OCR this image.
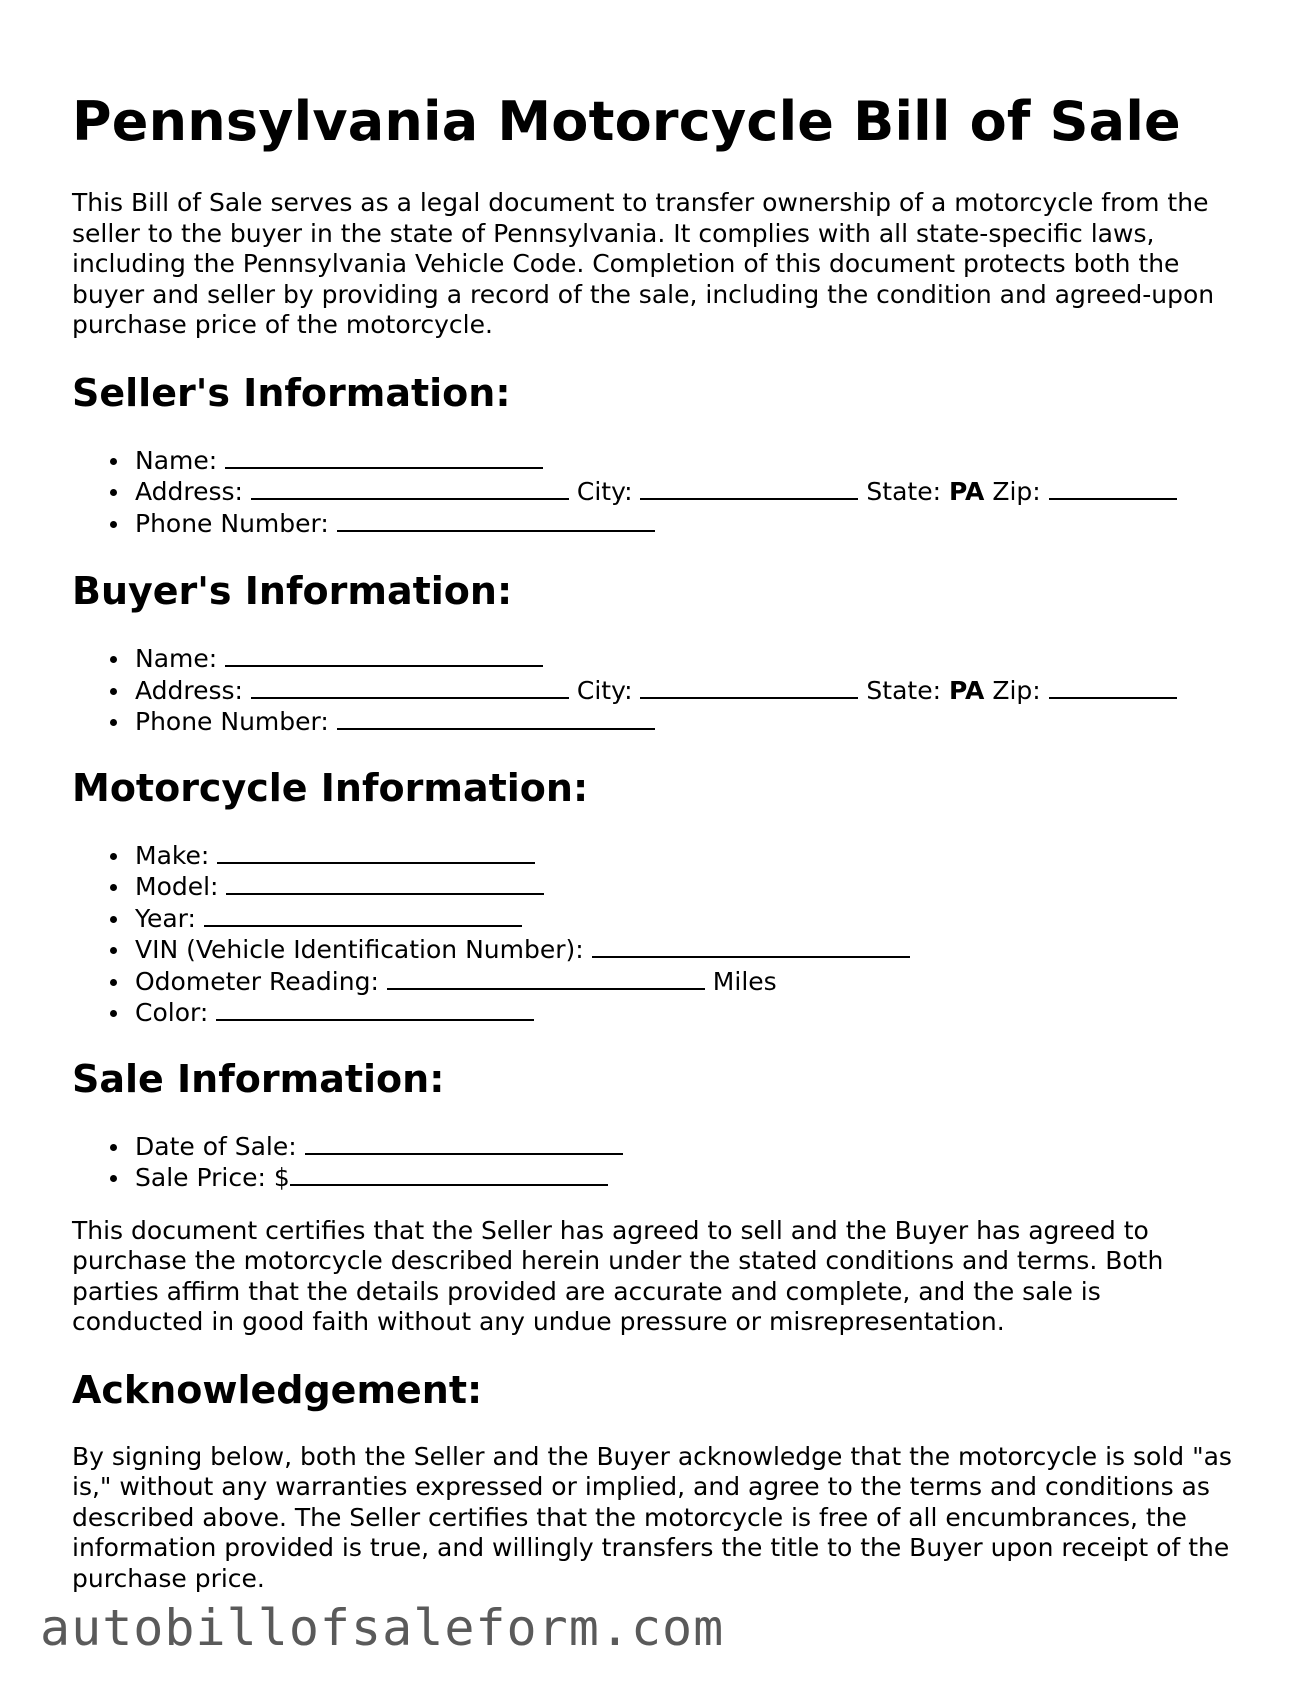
Pennsylvania Motorcycle Bill of Sale

This Bill of Sale serves as a legal document to transfer ownership of a motorcycle from the seller to the buyer in the state of Pennsylvania. It complies with all state-specific laws, including the Pennsylvania Vehicle Code. Completion of this document protects both the buyer and seller by providing a record of the sale, including the condition and agreed-upon purchase price of the motorcycle.

Seller's Information:
Name:
Address:	City:	State: PA Zip:
Phone Number:
Buyer's Information:
Name:
Address:	City:	State: PA Zip:
Phone Number:
Motorcycle Information:
Make:
Model:
Year:
VIN (Vehicle Identification Number):
Odometer Reading:	Miles
Color:
Sale Information:
Date of Sale:
Sale Price: $

This document certifies that the Seller has agreed to sell and the Buyer has agreed to purchase the motorcycle described herein under the stated conditions and terms. Both parties affirm that the details provided are accurate and complete, and the sale is conducted in good faith without any undue pressure or misrepresentation.

Acknowledgement:

By signing below, both the Seller and the Buyer acknowledge that the motorcycle is sold "as is," without any warranties expressed or implied, and agree to the terms and conditions as described above. The Seller certifies that the motorcycle is free of all encumbrances, the information provided is true, and willingly transfers the title to the Buyer upon receipt of the purchase price.

autobillofsaleform.com
